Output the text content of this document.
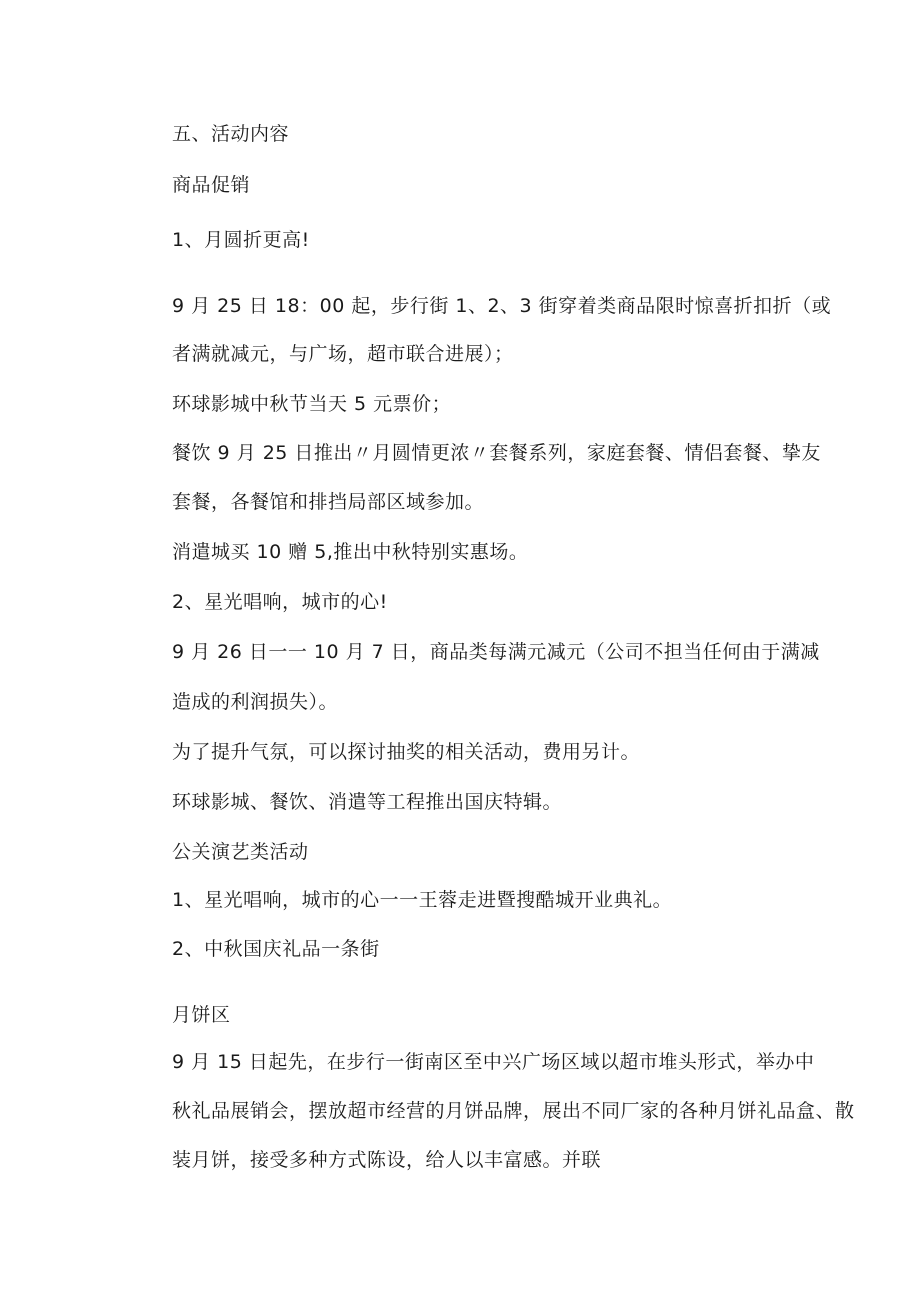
五、活动内容
商品促销
1、月圆折更高!
9 月 25 日 18：00 起，步行街 1、2、3 街穿着类商品限时惊喜折扣折（或
者满就减元，与广场，超市联合进展）；
环球影城中秋节当天 5 元票价；
餐饮 9 月 25 日推出〃月圆情更浓〃套餐系列，家庭套餐、情侣套餐、挚友
套餐，各餐馆和排挡局部区域参加。
消遣城买 10 赠 5,推出中秋特别实惠场。
2、星光唱响，城市的心!
9 月 26 日一一 10 月 7 日，商品类每满元减元（公司不担当任何由于满减
造成的利润损失）。
为了提升气氛，可以探讨抽奖的相关活动，费用另计。
环球影城、餐饮、消遣等工程推出国庆特辑。
公关演艺类活动
1、星光唱响，城市的心一一王蓉走进暨搜酷城开业典礼。
2、中秋国庆礼品一条街
月饼区
9 月 15 日起先，在步行一街南区至中兴广场区域以超市堆头形式，举办中
秋礼品展销会，摆放超市经营的月饼品牌，展出不同厂家的各种月饼礼品盒、散
装月饼，接受多种方式陈设，给人以丰富感。并联
